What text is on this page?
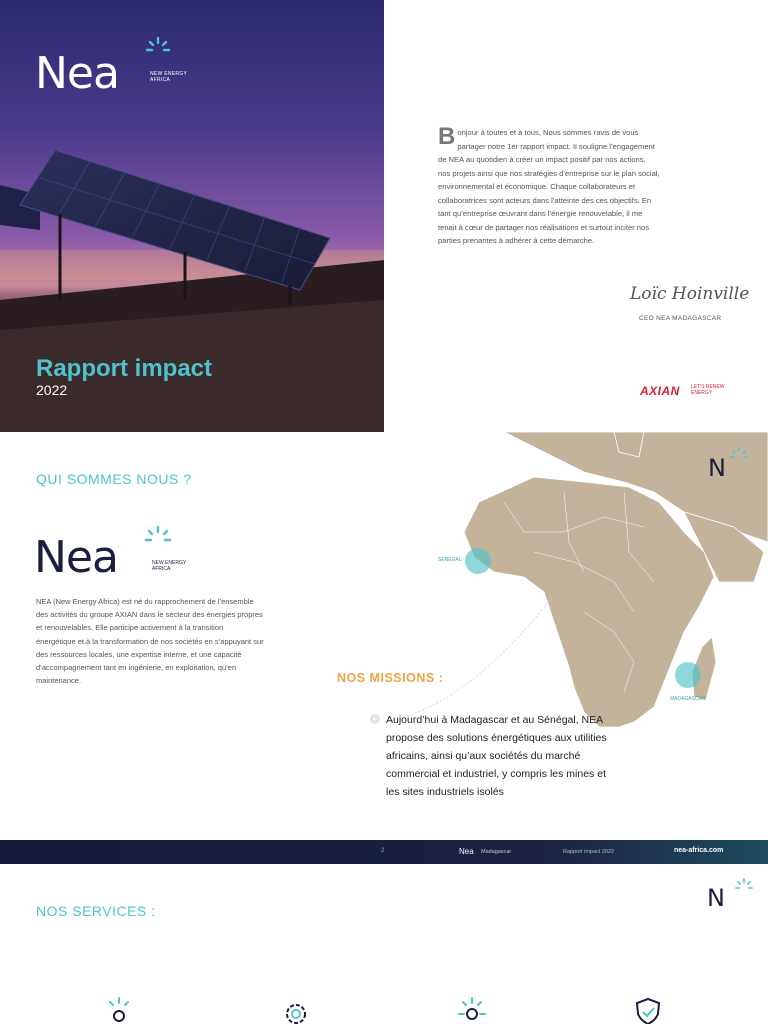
Nea	NEW ENERGY AFRICA
Rapport impact
2022
Bonjour à toutes et à tous, Nous sommes ravis de vous partager notre 1er rapport impact. Il souligne l’engagement de NEA au quotidien à créer un impact positif par nos actions, nos projets ainsi que nos stratégies d’entreprise sur le plan social, environnemental et économique. Chaque collaborateurs et collaboratrices sont acteurs dans l’atteinte des ces objectifs. En tant qu’entreprise œuvrant dans l’énergie renouvelable, il me tenait à cœur de partager nos réalisations et surtout inciter nos parties prenantes à adhérer à cette démarche.
Loïc Hoinville
CEO NEA MADAGASCAR
AXIAN LET'S RENEW ENERGY
QUI SOMMES NOUS ?
Nea	NEW ENERGY AFRICA
NEA (New Energy Africa) est né du rapprochement de l’ensemble des activités du groupe AXIAN dans le secteur des énergies propres et renouvelables. Elle participe activement à la transition énergétique et à la transformation de nos sociétés en s’appuyant sur des ressources locales, une expertise interne, et une capacité d’accompagnement tant en ingénierie, en exploitation, qu’en maintenance.
SÉNÉGAL
MADAGASCAR
N
NOS MISSIONS :
Aujourd’hui à Madagascar et au Sénégal, NEA propose des solutions énergétiques aux utilities africains, ainsi qu’aux sociétés du marché commercial et industriel, y compris les mines et les sites industriels isolés
2	Nea Madagascar	Rapport impact 2022	nea-africa.com
NOS SERVICES :	N
